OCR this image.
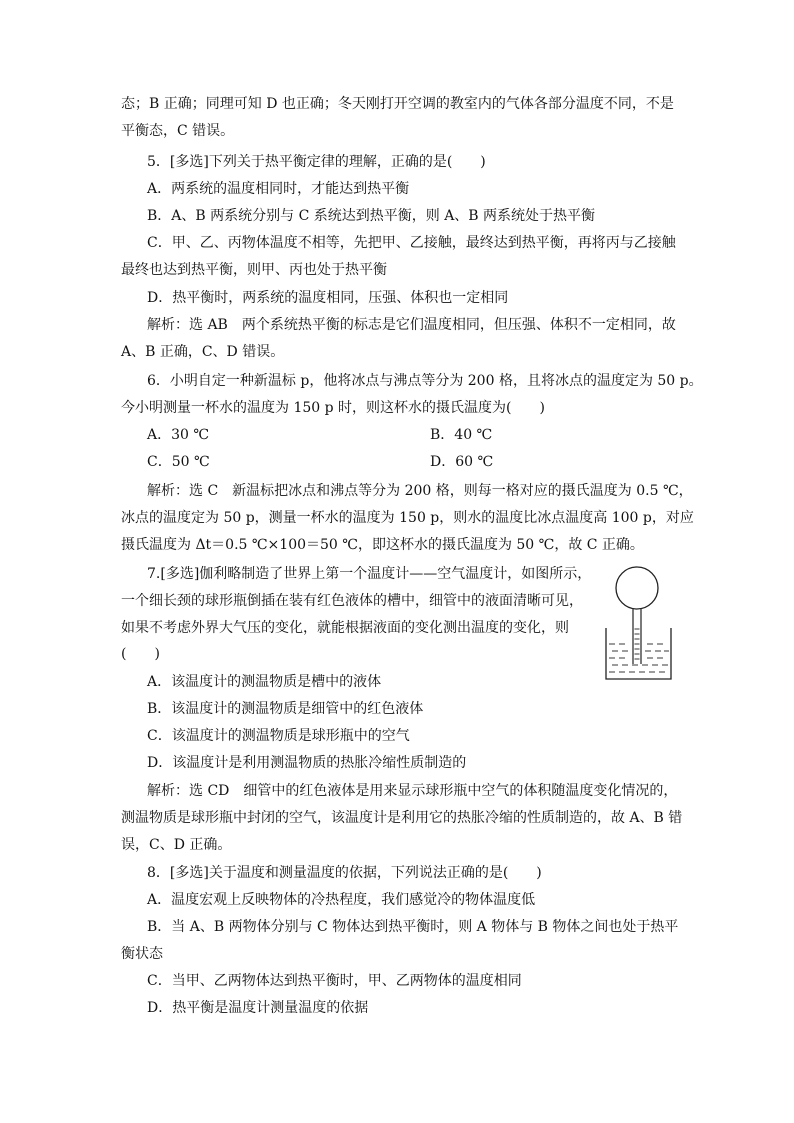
态；B 正确；同理可知 D 也正确；冬天刚打开空调的教室内的气体各部分温度不同，不是
平衡态，C 错误。
5．[多选]下列关于热平衡定律的理解，正确的是(　　)
A．两系统的温度相同时，才能达到热平衡
B．A、B 两系统分别与 C 系统达到热平衡，则 A、B 两系统处于热平衡
C．甲、乙、丙物体温度不相等，先把甲、乙接触，最终达到热平衡，再将丙与乙接触
最终也达到热平衡，则甲、丙也处于热平衡
D．热平衡时，两系统的温度相同，压强、体积也一定相同
解析：选 AB　两个系统热平衡的标志是它们温度相同，但压强、体积不一定相同，故
A、B 正确，C、D 错误。
6．小明自定一种新温标 p，他将冰点与沸点等分为 200 格，且将冰点的温度定为 50 p。
今小明测量一杯水的温度为 150 p 时，则这杯水的摄氏温度为(　　)
A．30 ℃	B．40 ℃
C．50 ℃	D．60 ℃
解析：选 C　新温标把冰点和沸点等分为 200 格，则每一格对应的摄氏温度为 0.5 ℃，
冰点的温度定为 50 p，测量一杯水的温度为 150 p，则水的温度比冰点温度高 100 p，对应
摄氏温度为 Δt＝0.5 ℃×100＝50 ℃，即这杯水的摄氏温度为 50 ℃，故 C 正确。
7.[多选]伽利略制造了世界上第一个温度计——空气温度计，如图所示，
一个细长颈的球形瓶倒插在装有红色液体的槽中，细管中的液面清晰可见，
如果不考虑外界大气压的变化，就能根据液面的变化测出温度的变化，则
(　　)
A．该温度计的测温物质是槽中的液体
B．该温度计的测温物质是细管中的红色液体
C．该温度计的测温物质是球形瓶中的空气
D．该温度计是利用测温物质的热胀冷缩性质制造的
解析：选 CD　细管中的红色液体是用来显示球形瓶中空气的体积随温度变化情况的，
测温物质是球形瓶中封闭的空气，该温度计是利用它的热胀冷缩的性质制造的，故 A、B 错
误，C、D 正确。
8．[多选]关于温度和测量温度的依据，下列说法正确的是(　　)
A．温度宏观上反映物体的冷热程度，我们感觉冷的物体温度低
B．当 A、B 两物体分别与 C 物体达到热平衡时，则 A 物体与 B 物体之间也处于热平
衡状态
C．当甲、乙两物体达到热平衡时，甲、乙两物体的温度相同
D．热平衡是温度计测量温度的依据
